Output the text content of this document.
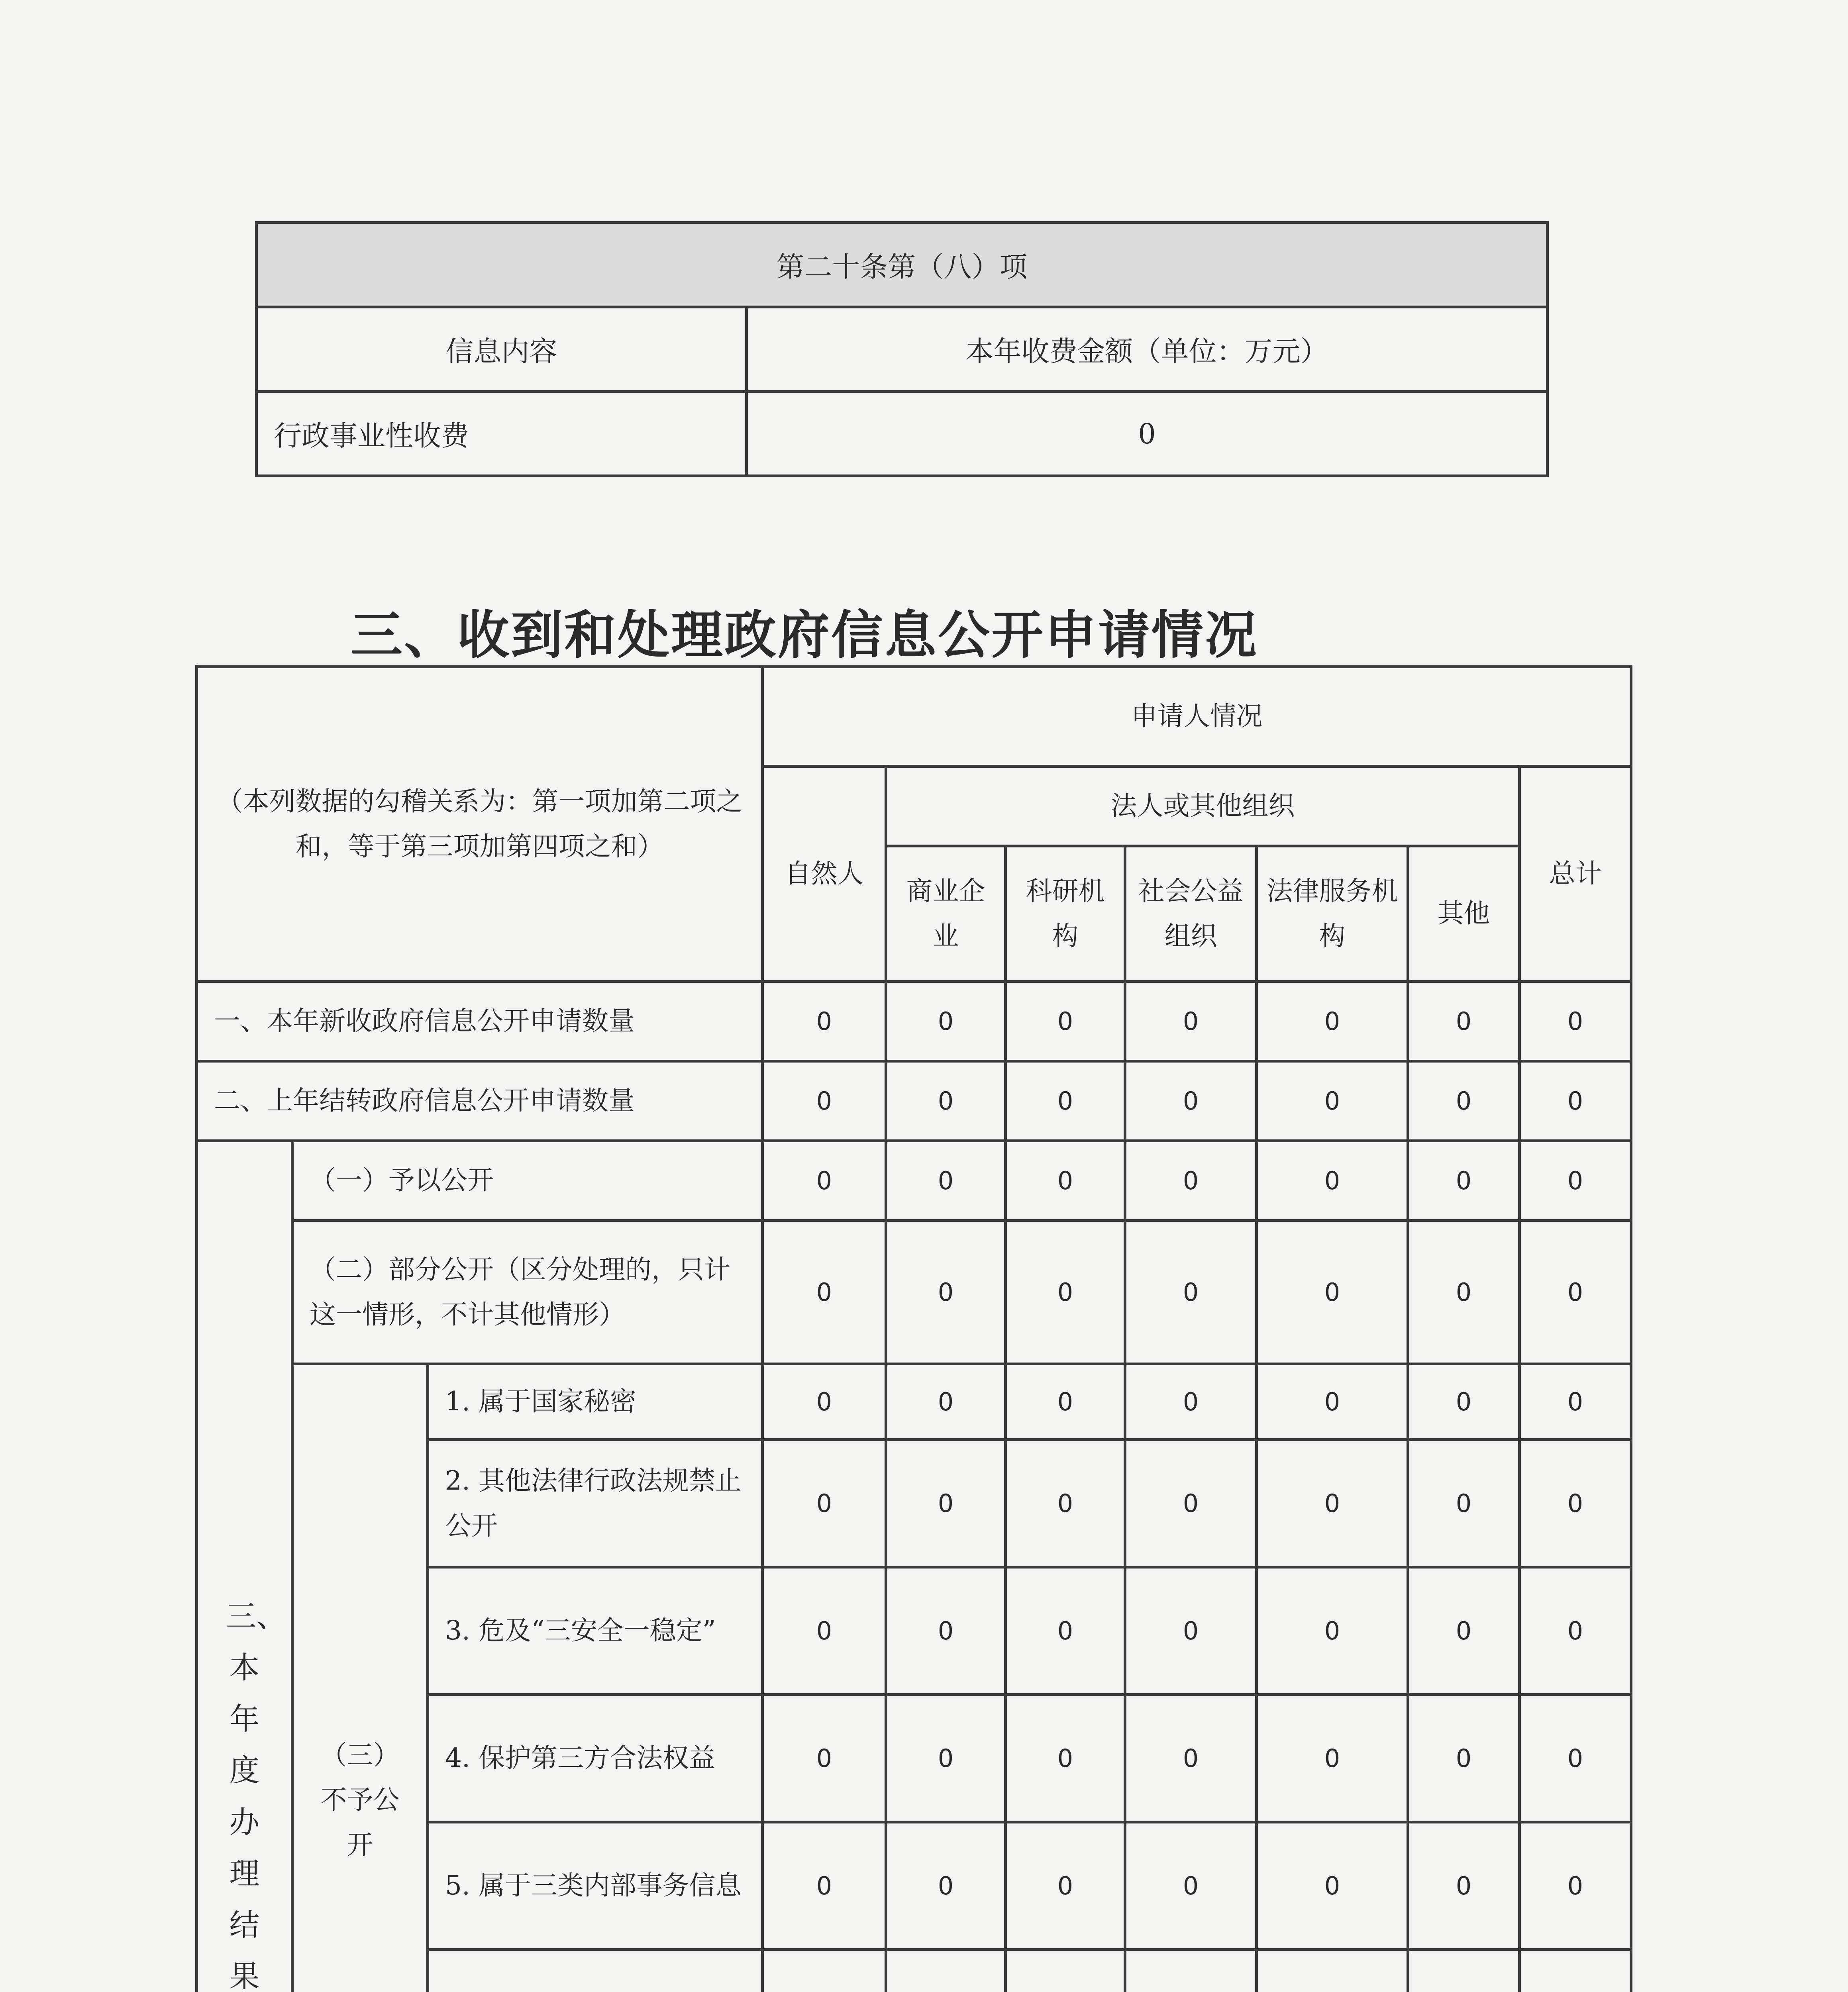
第二十条第（八）项	
信息内容	本年收费金额（单位：万元）
行政事业性收费	0
三、收到和处理政府信息公开申请情况
（本列数据的勾稽关系为：第一项加第二项之和，等于第三项加第四项之和）			申请人情况						
			自然人	法人或其他组织					总计
				商业企业	科研机构	社会公益组织	法律服务机构	其他	
一、本年新收政府信息公开申请数量			0	0	0	0	0	0	0
二、上年结转政府信息公开申请数量			0	0	0	0	0	0	0
三、本年度办理结果	（一）予以公开		0	0	0	0	0	0	0
	（二）部分公开（区分处理的，只计这一情形，不计其他情形）		0	0	0	0	0	0	0
	（三）不予公开	1. 属于国家秘密	0	0	0	0	0	0	0
		2. 其他法律行政法规禁止公开	0	0	0	0	0	0	0
		3. 危及“三安全一稳定”	0	0	0	0	0	0	0
		4. 保护第三方合法权益	0	0	0	0	0	0	0
		5. 属于三类内部事务信息	0	0	0	0	0	0	0
